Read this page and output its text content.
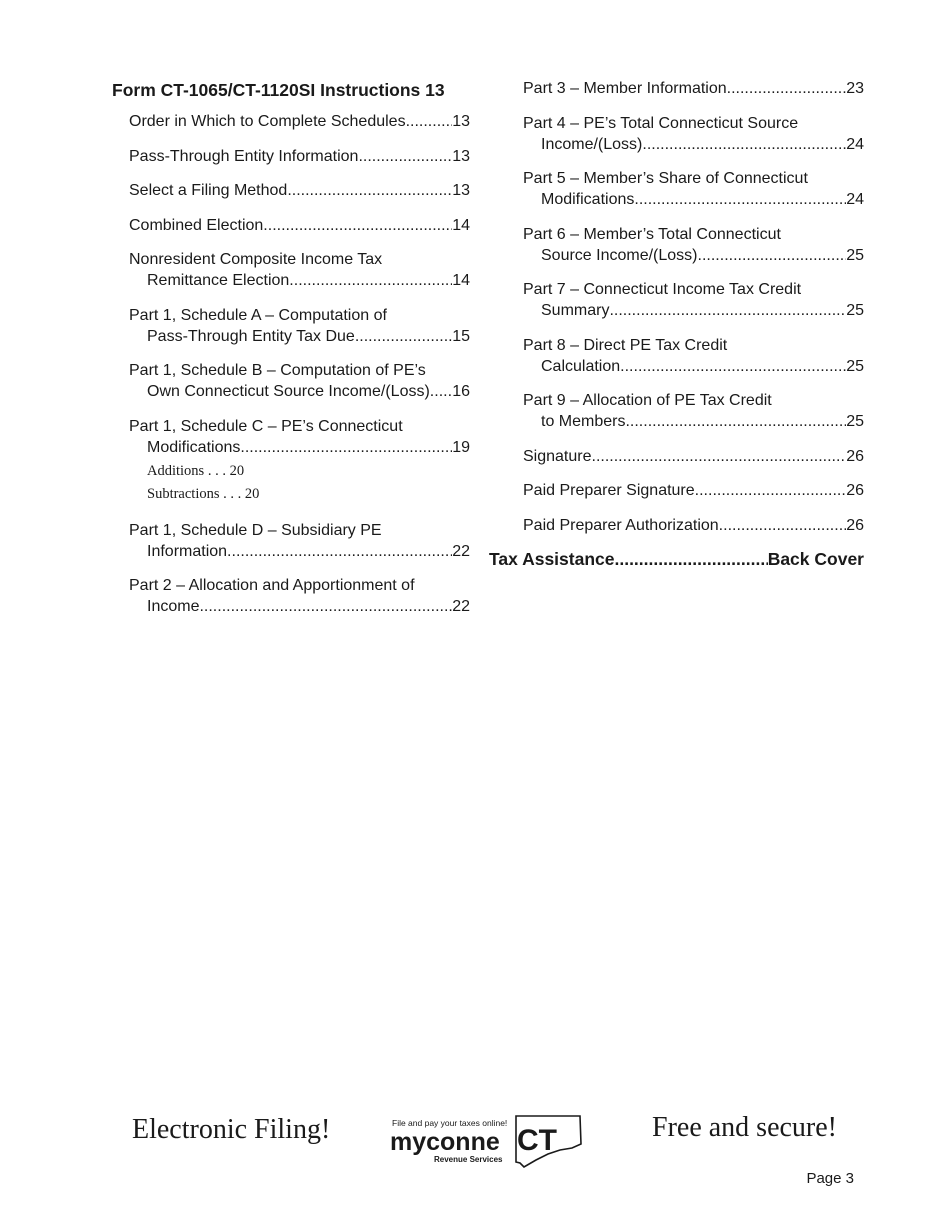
Form CT-1065/CT-1120SI Instructions 13
Order in Which to Complete Schedules .....	13
Pass-Through Entity Information .....	13
Select a Filing Method .....	13
Combined Election .....	14
Nonresident Composite Income Tax
Remittance Election .....	14
Part 1, Schedule A – Computation of
Pass-Through Entity Tax Due .....	15
Part 1, Schedule B – Computation of PE’s
Own Connecticut Source Income/(Loss) ..... 16
Part 1, Schedule C – PE’s Connecticut
Modifications .....	19
Additions . . . 20
Subtractions . . . 20
Part 1, Schedule D – Subsidiary PE
Information .....	22
Part 2 – Allocation and Apportionment of
Income .....	22
Part 3 – Member Information .....	23
Part 4 – PE’s Total Connecticut Source
Income/(Loss) .....	24
Part 5 – Member’s Share of Connecticut
Modifications .....	24
Part 6 – Member’s Total Connecticut
Source Income/(Loss) .....	25
Part 7 – Connecticut Income Tax Credit
Summary .....	25
Part 8 – Direct PE Tax Credit
Calculation .....	25
Part 9 – Allocation of PE Tax Credit
to Members .....	25
Signature .....	26
Paid Preparer Signature .....	26
Paid Preparer Authorization .....	26
Tax Assistance .....	Back Cover
Electronic Filing!	File and pay your taxes online!
myconne CT
Revenue Services
Free and secure!
Page 3
